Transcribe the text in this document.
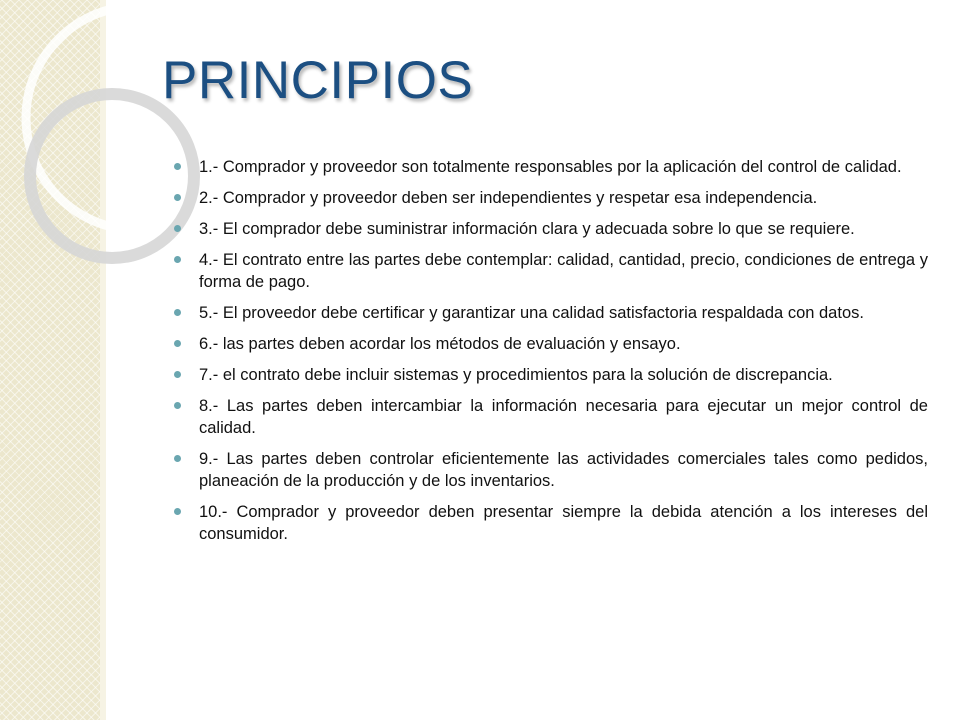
PRINCIPIOS
1.- Comprador y proveedor son totalmente responsables por la aplicación del control de calidad.
2.- Comprador y proveedor deben ser independientes y respetar esa independencia.
3.- El comprador debe suministrar información clara y adecuada sobre lo que se requiere.
4.- El contrato entre las partes debe contemplar: calidad, cantidad, precio, condiciones de entrega y forma de pago.
5.- El proveedor debe certificar y garantizar una calidad satisfactoria respaldada con datos.
6.- las partes deben acordar los métodos de evaluación y ensayo.
7.- el contrato debe incluir sistemas y procedimientos para la solución de discrepancia.
8.- Las partes deben intercambiar la información necesaria para ejecutar un mejor control de calidad.
9.- Las partes deben controlar eficientemente las actividades comerciales tales como pedidos, planeación de la producción y de los inventarios.
10.- Comprador y proveedor deben presentar siempre la debida atención a los intereses del consumidor.
